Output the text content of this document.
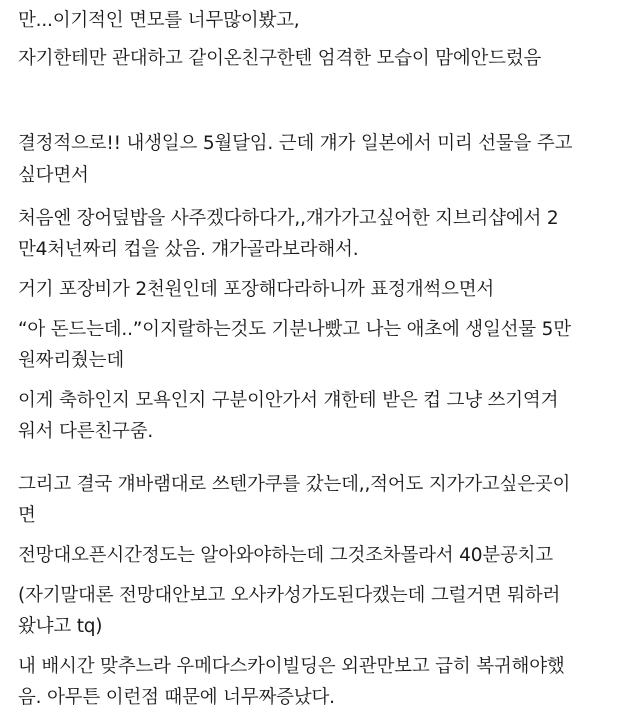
만...이기적인 면모를 너무많이봤고,
자기한테만 관대하고 같이온친구한텐 엄격한 모습이 맘에안드렀음
결정적으로!! 내생일으 5월달임. 근데 걔가 일본에서 미리 선물을 주고
싶다면서
처음엔 장어덮밥을 사주겠다하다가,,걔가가고싶어한 지브리샵에서 2
만4처넌짜리 컵을 샀음. 걔가골라보라해서.
거기 포장비가 2천원인데 포장해다라하니까 표정개썩으면서
“아 돈드는데..”이지랄하는것도 기분나빴고 나는 애초에 생일선물 5만
원짜리줬는데
이게 축하인지 모욕인지 구분이안가서 걔한테 받은 컵 그냥 쓰기역겨
워서 다른친구줌.
그리고 결국 걔바램대로 쓰텐가쿠를 갔는데,,적어도 지가가고싶은곳이
면
전망대오픈시간정도는 알아와야하는데 그것조차몰라서 40분공치고
(자기말대론 전망대안보고 오사카성가도된다캤는데 그럴거면 뭐하러
왔냐고 tq)
내 배시간 맞추느라 우메다스카이빌딩은 외관만보고 급히 복귀해야했
음. 아무튼 이런점 때문에 너무짜증났다.
